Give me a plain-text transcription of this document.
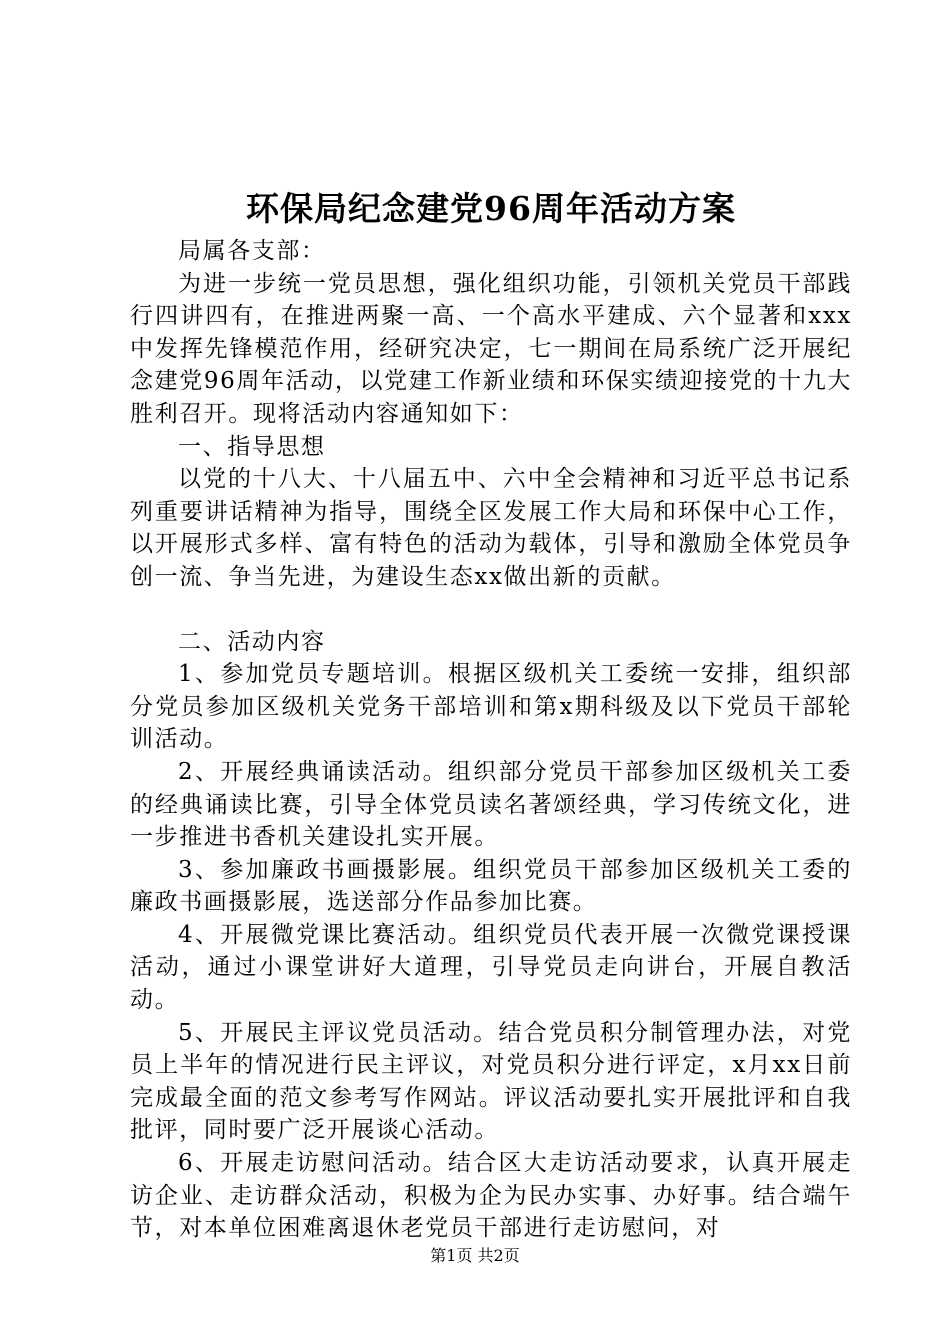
环保局纪念建党96周年活动方案

局属各支部：

为进一步统一党员思想，强化组织功能，引领机关党员干部践行四讲四有，在推进两聚一高、一个高水平建成、六个显著和xxx中发挥先锋模范作用，经研究决定，七一期间在局系统广泛开展纪念建党96周年活动，以党建工作新业绩和环保实绩迎接党的十九大胜利召开。现将活动内容通知如下：

一、指导思想

以党的十八大、十八届五中、六中全会精神和习近平总书记系列重要讲话精神为指导，围绕全区发展工作大局和环保中心工作，以开展形式多样、富有特色的活动为载体，引导和激励全体党员争创一流、争当先进，为建设生态xx做出新的贡献。

二、活动内容

1、参加党员专题培训。根据区级机关工委统一安排，组织部分党员参加区级机关党务干部培训和第x期科级及以下党员干部轮训活动。

2、开展经典诵读活动。组织部分党员干部参加区级机关工委的经典诵读比赛，引导全体党员读名著颂经典，学习传统文化，进一步推进书香机关建设扎实开展。

3、参加廉政书画摄影展。组织党员干部参加区级机关工委的廉政书画摄影展，选送部分作品参加比赛。

4、开展微党课比赛活动。组织党员代表开展一次微党课授课活动，通过小课堂讲好大道理，引导党员走向讲台，开展自教活动。

5、开展民主评议党员活动。结合党员积分制管理办法，对党员上半年的情况进行民主评议，对党员积分进行评定，x月xx日前完成最全面的范文参考写作网站。评议活动要扎实开展批评和自我批评，同时要广泛开展谈心活动。

6、开展走访慰问活动。结合区大走访活动要求，认真开展走访企业、走访群众活动，积极为企为民办实事、办好事。结合端午节，对本单位困难离退休老党员干部进行走访慰问，对

第1页 共2页
